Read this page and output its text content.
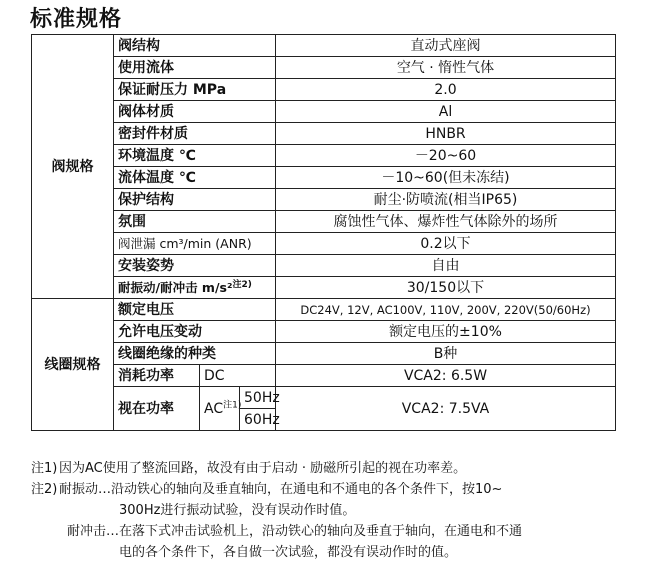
标准规格
阀规格	阀结构			直动式座阀
	使用流体			空气 · 惰性气体
	保证耐压力 MPa			2.0
	阀体材质			Al
	密封件材质			HNBR
	环境温度 ℃			－20~60
	流体温度 ℃			－10~60(但未冻结)
	保护结构			耐尘·防喷流(相当IP65)
	氛围			腐蚀性气体、爆炸性气体除外的场所
	阀泄漏 cm³/min (ANR)			0.2以下
	安装姿势			自由
	耐振动/耐冲击 m/s²$^{注2)}$			30/150以下
线圈规格	额定电压			DC24V, 12V, AC100V, 110V, 200V, 220V(50/60Hz)
	允许电压变动			额定电压的±10%
	线圈绝缘的种类			B种
	消耗功率	DC		VCA2: 6.5W
	视在功率	AC$^{注1)}$	50Hz	VCA2: 7.5VA
			60Hz	
注1) 因为AC使用了整流回路，故没有由于启动 · 励磁所引起的视在功率差。
注2) 耐振动…沿动铁心的轴向及垂直轴向，在通电和不通电的各个条件下，按10~
300Hz进行振动试验，没有误动作时值。
耐冲击…在落下式冲击试验机上，沿动铁心的轴向及垂直于轴向，在通电和不通
电的各个条件下，各自做一次试验，都没有误动作时的值。
